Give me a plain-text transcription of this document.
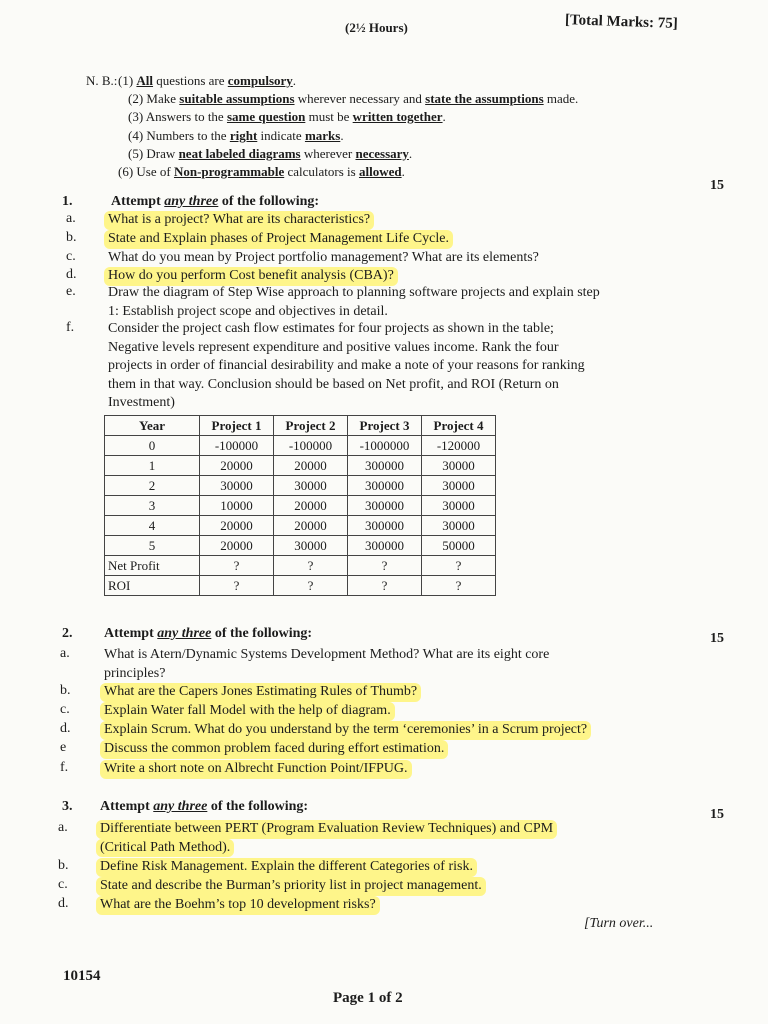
(2½ Hours)	[Total Marks: 75]
N. B.: (1) All questions are compulsory.
(2) Make suitable assumptions wherever necessary and state the assumptions made.
(3) Answers to the same question must be written together.
(4) Numbers to the right indicate marks.
(5) Draw neat labeled diagrams wherever necessary.
(6) Use of Non-programmable calculators is allowed.
1.	Attempt any three of the following:
15
a. What is a project? What are its characteristics?
b. State and Explain phases of Project Management Life Cycle.
c. What do you mean by Project portfolio management? What are its elements?
d. How do you perform Cost benefit analysis (CBA)?
e. Draw the diagram of Step Wise approach to planning software projects and explain step
1: Establish project scope and objectives in detail.
f. Consider the project cash flow estimates for four projects as shown in the table;
Negative levels represent expenditure and positive values income. Rank the four
projects in order of financial desirability and make a note of your reasons for ranking
them in that way. Conclusion should be based on Net profit, and ROI (Return on
Investment)
Year	Project 1	Project 2	Project 3	Project 4
0	-100000	-100000	-1000000	-120000
1	20000	20000	300000	30000
2	30000	30000	300000	30000
3	10000	20000	300000	30000
4	20000	20000	300000	30000
5	20000	30000	300000	50000
Net Profit	?	?	?	?
ROI	?	?	?	?
2. Attempt any three of the following:	15
a. What is Atern/Dynamic Systems Development Method? What are its eight core
principles?
b. What are the Capers Jones Estimating Rules of Thumb?
c. Explain Water fall Model with the help of diagram.
d. Explain Scrum. What do you understand by the term ‘ceremonies’ in a Scrum project?
e	Discuss the common problem faced during effort estimation.
f.	Write a short note on Albrecht Function Point/IFPUG.
3. Attempt any three of the following:
15
a. Differentiate between PERT (Program Evaluation Review Techniques) and CPM
(Critical Path Method).
b. Define Risk Management. Explain the different Categories of risk.
c. State and describe the Burman’s priority list in project management.
d. What are the Boehm’s top 10 development risks?
[Turn over...
10154
Page 1 of 2
